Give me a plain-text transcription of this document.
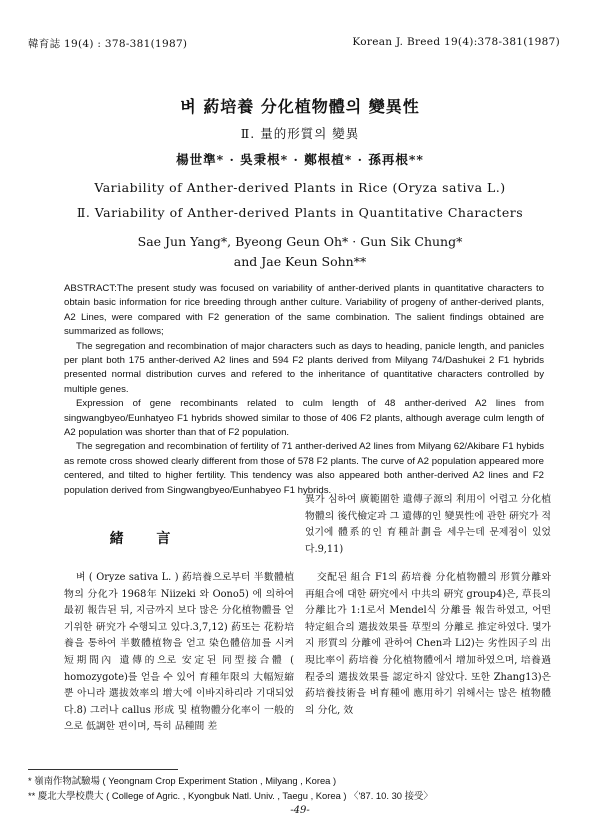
韓育誌 19(4) : 378-381(1987)	Korean J. Breed 19(4):378-381(1987)
벼 葯培養 分化植物體의 變異性
Ⅱ. 量的形質의 變異
楊世準* · 吳秉根* · 鄭根植* · 孫再根**
Variability of Anther-derived Plants in Rice (Oryza sativa L.)
Ⅱ. Variability of Anther-derived Plants in Quantitative Characters
Sae Jun Yang*, Byeong Geun Oh* · Gun Sik Chung*
and Jae Keun Sohn**

ABSTRACT:The present study was focused on variability of anther-derived plants in quantitative characters to obtain basic information for rice breeding through anther culture. Variability of progeny of anther-derived plants, A2 Lines, were compared with F2 generation of the same combination. The salient findings obtained are summarized as follows;

The segregation and recombination of major characters such as days to heading, panicle length, and panicles per plant both 175 anther-derived A2 lines and 594 F2 plants derived from Milyang 74/Dashukei 2 F1 hybrids presented normal distribution curves and refered to the inheritance of quantitative characters controlled by multiple genes.

Expression of gene recombinants related to culm length of 48 anther-derived A2 lines from singwangbyeo/Eunhatyeo F1 hybrids showed similar to those of 406 F2 plants, although average culm length of A2 population was shorter than that of F2 population.

The segregation and recombination of fertility of 71 anther-derived A2 lines from Milyang 62/Akibare F1 hybids as remote cross showed clearly different from those of 578 F2 plants. The curve of A2 population appeared more centered, and tilted to higher fertility. This tendency was also appeared both anther-derived A2 lines and F2 population derived from Singwangbyeo/Eunhabyeo F1 hybrids.

異가 심하여 廣範圍한 遺傳子源의 利用이 어렵고 分化植物體의 後代檢定과 그 遺傳的인 變異性에 관한 硏究가 적었기에 體系的인 育種計劃을 세우는데 문제점이 있었다.9,11)

緒 言

벼 ( Oryze sativa L. ) 葯培養으로부터 半數體植物의 分化가 1968年 Niizeki 와 Oono5) 에 의하여 最初 報告된 뒤, 지금까지 보다 많은 分化植物體를 얻기위한 硏究가 수행되고 있다.3,7,12) 葯또는 花粉培養을 통하여 半數體植物을 얻고 染色體倍加를 시켜 短期間內 遺傳的으로 安定된 同型接合體 ( homozygote)를 얻을 수 있어 育種年限의 大幅短縮 뿐 아니라 選拔效率의 增大에 이바지하리라 기대되었다.8) 그러나 callus 形成 및 植物體分化率이 一般的으로 低調한 편이며, 특히 品種間 差

交配된 組合 F1의 葯培養 分化植物體의 形質分離와 再組合에 대한 硏究에서 中共의 硏究 group4)은, 草長의 分離比가 1:1로서 Mendel식 分離를 報告하였고, 어떤 特定組合의 選拔效果를 草型의 分離로 推定하였다. 몇가지 形質의 分離에 관하여 Chen과 Li2)는 劣性因子의 出現比率이 葯培養 分化植物體에서 增加하였으며, 培養過程중의 選拔效果를 認定하지 않았다. 또한 Zhang13)은 葯培養技術을 벼育種에 應用하기 위해서는 많은 植物體의 分化, 效

* 嶺南作物試驗場 ( Yeongnam Crop Experiment Station , Milyang , Korea )
** 慶北大學校農大 ( College of Agric. , Kyongbuk Natl. Univ. , Taegu , Korea ) 〈'87. 10. 30 接受〉
-49-
